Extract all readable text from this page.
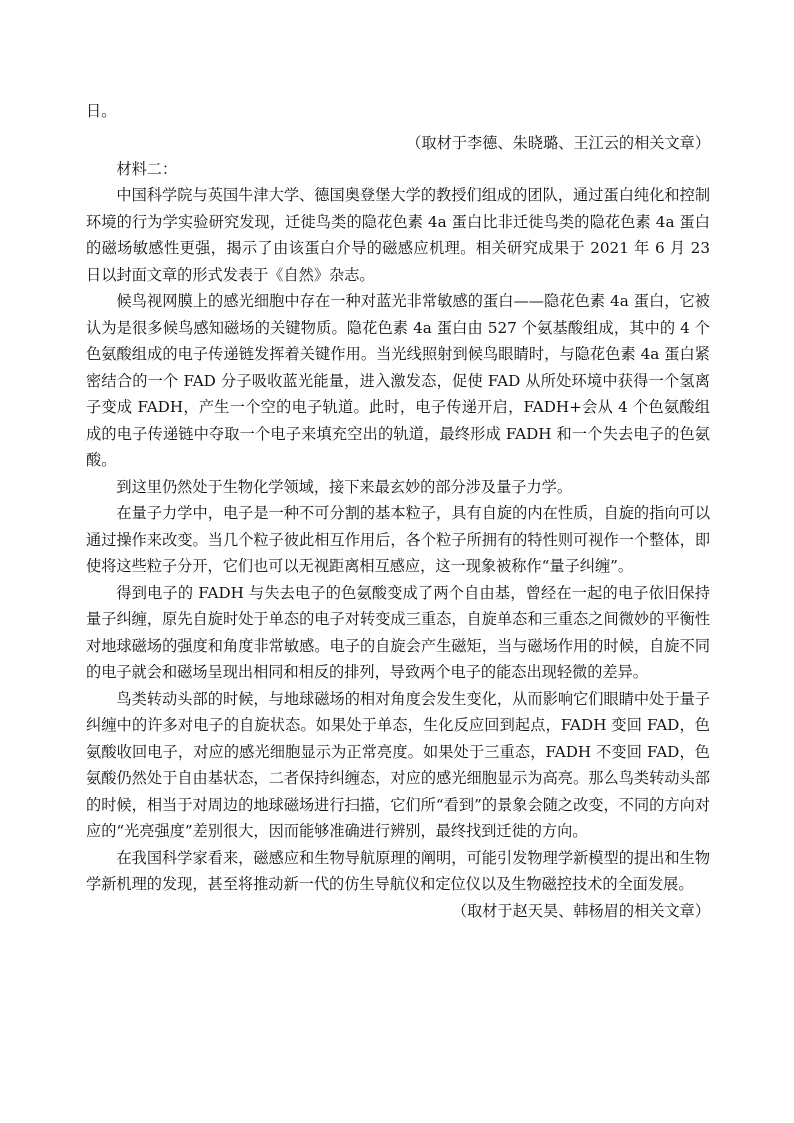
日。

（取材于李德、朱晓璐、王江云的相关文章）

材料二：

中国科学院与英国牛津大学、德国奥登堡大学的教授们组成的团队，通过蛋白纯化和控制环境的行为学实验研究发现，迁徙鸟类的隐花色素 4a 蛋白比非迁徙鸟类的隐花色素 4a 蛋白的磁场敏感性更强，揭示了由该蛋白介导的磁感应机理。相关研究成果于 2021 年 6 月 23 日以封面文章的形式发表于《自然》杂志。

候鸟视网膜上的感光细胞中存在一种对蓝光非常敏感的蛋白——隐花色素 4a 蛋白，它被认为是很多候鸟感知磁场的关键物质。隐花色素 4a 蛋白由 527 个氨基酸组成，其中的 4 个色氨酸组成的电子传递链发挥着关键作用。当光线照射到候鸟眼睛时，与隐花色素 4a 蛋白紧密结合的一个 FAD 分子吸收蓝光能量，进入激发态，促使 FAD 从所处环境中获得一个氢离子变成 FADH，产生一个空的电子轨道。此时，电子传递开启，FADH+会从 4 个色氨酸组成的电子传递链中夺取一个电子来填充空出的轨道，最终形成 FADH 和一个失去电子的色氨酸。

到这里仍然处于生物化学领域，接下来最玄妙的部分涉及量子力学。

在量子力学中，电子是一种不可分割的基本粒子，具有自旋的内在性质，自旋的指向可以通过操作来改变。当几个粒子彼此相互作用后，各个粒子所拥有的特性则可视作一个整体，即使将这些粒子分开，它们也可以无视距离相互感应，这一现象被称作“量子纠缠”。

得到电子的 FADH 与失去电子的色氨酸变成了两个自由基，曾经在一起的电子依旧保持量子纠缠，原先自旋时处于单态的电子对转变成三重态，自旋单态和三重态之间微妙的平衡性对地球磁场的强度和角度非常敏感。电子的自旋会产生磁矩，当与磁场作用的时候，自旋不同的电子就会和磁场呈现出相同和相反的排列，导致两个电子的能态出现轻微的差异。

鸟类转动头部的时候，与地球磁场的相对角度会发生变化，从而影响它们眼睛中处于量子纠缠中的许多对电子的自旋状态。如果处于单态，生化反应回到起点，FADH 变回 FAD，色氨酸收回电子，对应的感光细胞显示为正常亮度。如果处于三重态，FADH 不变回 FAD，色氨酸仍然处于自由基状态，二者保持纠缠态，对应的感光细胞显示为高亮。那么鸟类转动头部的时候，相当于对周边的地球磁场进行扫描，它们所“看到”的景象会随之改变，不同的方向对应的“光亮强度”差别很大，因而能够准确进行辨别，最终找到迁徙的方向。

在我国科学家看来，磁感应和生物导航原理的阐明，可能引发物理学新模型的提出和生物学新机理的发现，甚至将推动新一代的仿生导航仪和定位仪以及生物磁控技术的全面发展。

（取材于赵天昊、韩杨眉的相关文章）
